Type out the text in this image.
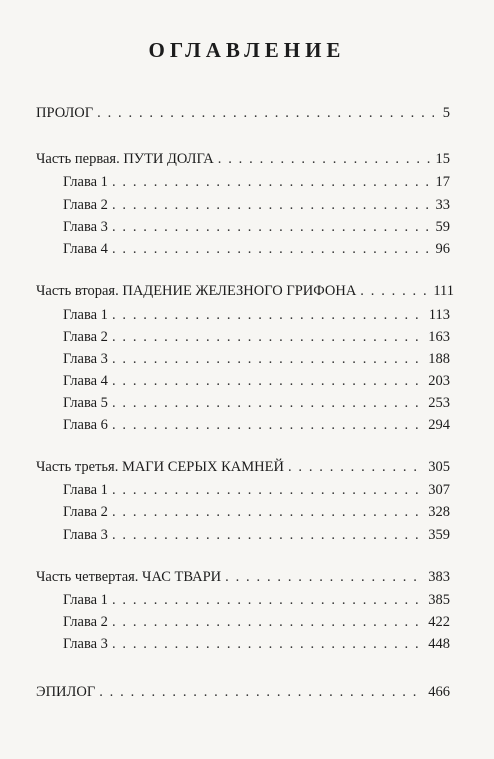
ОГЛАВЛЕНИЕ
ПРОЛОГ . . .	5
Часть первая. ПУТИ ДОЛГА . . .	15
Глава 1 . . .	17
Глава 2 . . .	33
Глава 3 . . .	59
Глава 4 . . .	96
Часть вторая. ПАДЕНИЕ ЖЕЛЕЗНОГО ГРИФОНА . . .	111
Глава 1 . . .	113
Глава 2 . . .	163
Глава 3 . . .	188
Глава 4 . . .	203
Глава 5 . . .	253
Глава 6 . . .	294
Часть третья. МАГИ СЕРЫХ КАМНЕЙ . . .	305
Глава 1 . . .	307
Глава 2 . . .	328
Глава 3 . . .	359
Часть четвертая. ЧАС ТВАРИ . . .	383
Глава 1 . . .	385
Глава 2 . . .	422
Глава 3 . . .	448
ЭПИЛОГ . . .	466
